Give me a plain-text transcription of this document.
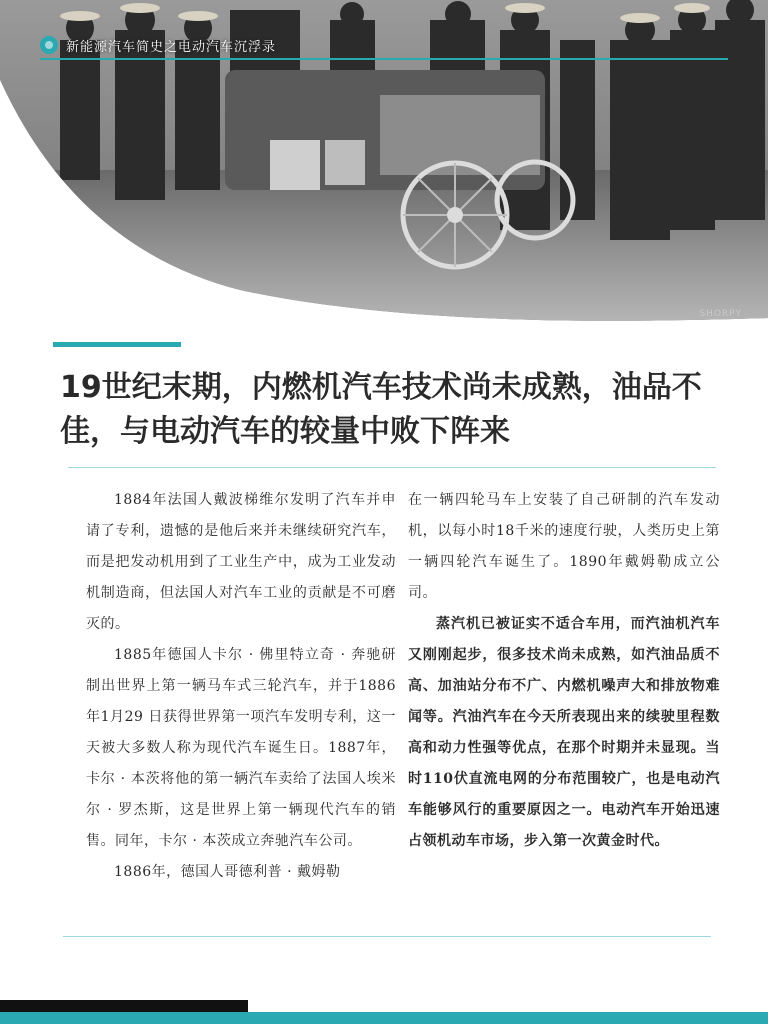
新能源汽车简史之电动汽车沉浮录
SHORPY
19世纪末期，内燃机汽车技术尚未成熟，油品不佳，与电动汽车的较量中败下阵来

1884年法国人戴波梯维尔发明了汽车并申请了专利，遗憾的是他后来并未继续研究汽车，而是把发动机用到了工业生产中，成为工业发动机制造商，但法国人对汽车工业的贡献是不可磨灭的。

1885年德国人卡尔 · 佛里特立奇 · 奔驰研制出世界上第一辆马车式三轮汽车，并于1886年1月29 日获得世界第一项汽车发明专利，这一天被大多数人称为现代汽车诞生日。1887年，卡尔 · 本茨将他的第一辆汽车卖给了法国人埃米尔 · 罗杰斯，这是世界上第一辆现代汽车的销售。同年，卡尔 · 本茨成立奔驰汽车公司。

1886年，德国人哥德利普 · 戴姆勒

在一辆四轮马车上安装了自己研制的汽车发动机，以每小时18千米的速度行驶，人类历史上第一辆四轮汽车诞生了。1890年戴姆勒成立公司。

蒸汽机已被证实不适合车用，而汽油机汽车又刚刚起步，很多技术尚未成熟，如汽油品质不高、加油站分布不广、内燃机噪声大和排放物难闻等。汽油汽车在今天所表现出来的续驶里程数高和动力性强等优点，在那个时期并未显现。当时110伏直流电网的分布范围较广，也是电动汽车能够风行的重要原因之一。电动汽车开始迅速占领机动车市场，步入第一次黄金时代。
